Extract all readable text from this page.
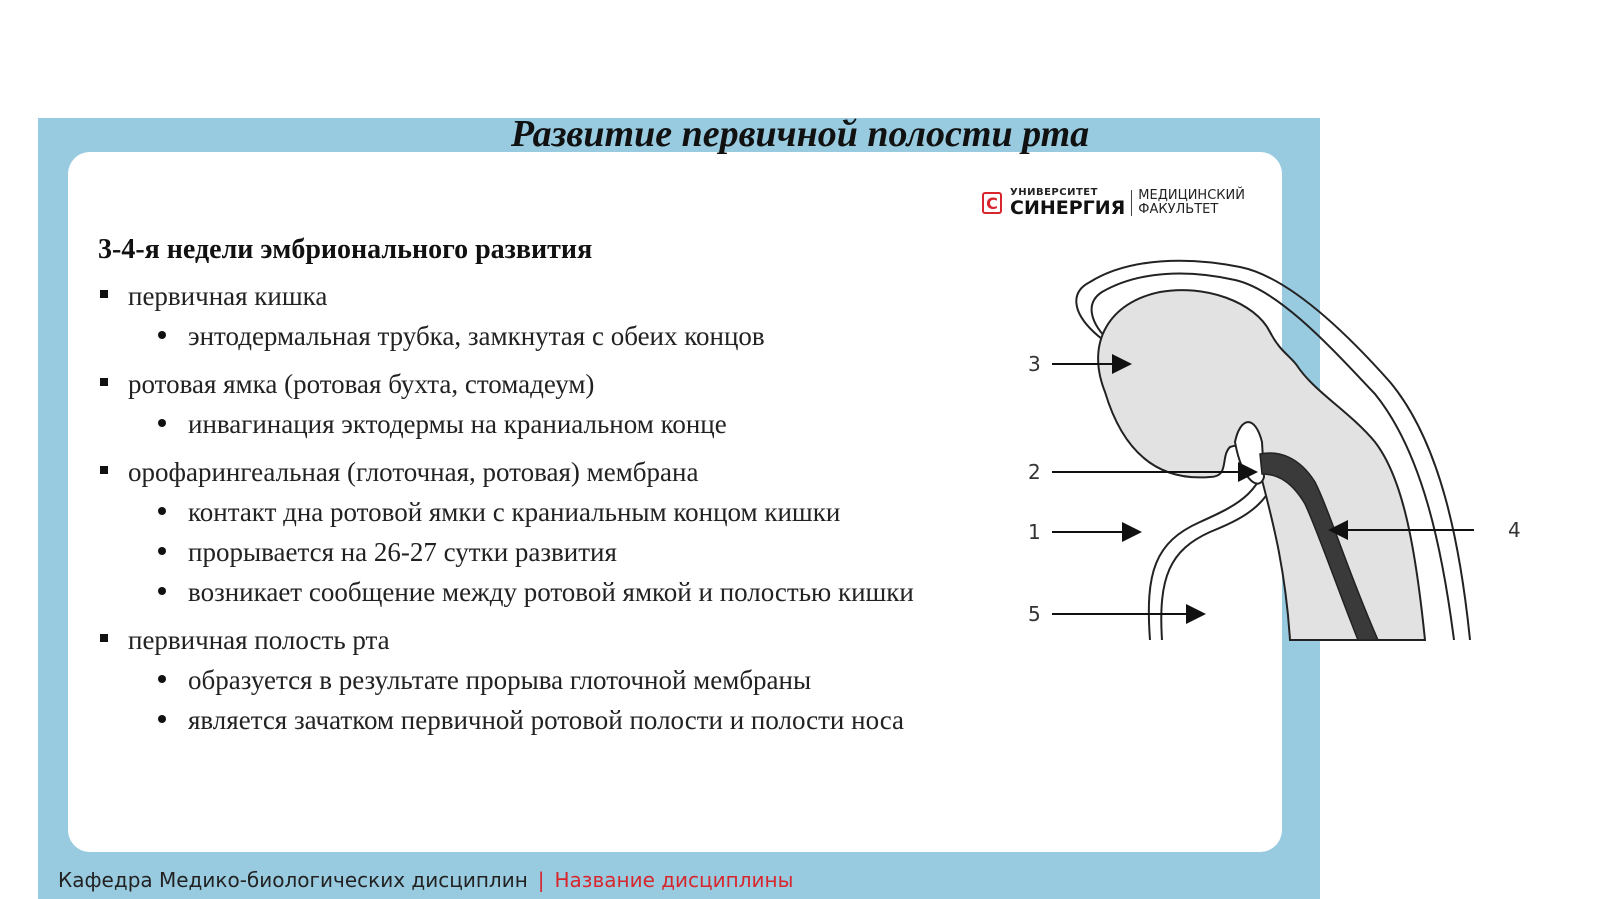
Развитие первичной полости рта
С
УНИВЕРСИТЕТ
СИНЕРГИЯ
МЕДИЦИНСКИЙ
ФАКУЛЬТЕТ
3-4-я недели эмбрионального развития
первичная кишка
энтодермальная трубка, замкнутая с обеих концов
ротовая ямка (ротовая бухта, стомадеум)
инвагинация эктодермы на краниальном конце
орофарингеальная (глоточная, ротовая) мембрана
контакт дна ротовой ямки с краниальным концом кишки
прорывается на 26-27 сутки развития
возникает сообщение между ротовой ямкой и полостью кишки
первичная полость рта
образуется в результате прорыва глоточной мембраны
является зачатком первичной ротовой полости и полости носа
3
2
1
5
4
Кафедра Медико-биологических дисциплин | Название дисциплины
